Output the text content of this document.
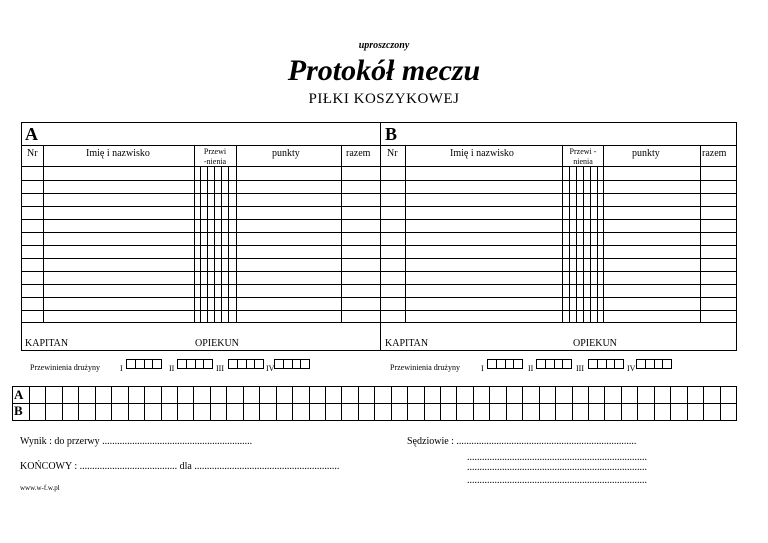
uproszczony
Protokół meczu
PIŁKI KOSZYKOWEJ
A
Nr	Imię i nazwisko	Przewi
-nienia
punkty	razem
KAPITAN	OPIEKUN
Przewinienia drużyny
B
Nr	Imię i nazwisko	Przewi -
nienia
punkty	razem
KAPITAN	OPIEKUN
Przewinienia drużyny
I	II	III	IV	I	II	III	IV
A
B
Wynik : do przerwy ............................................................
KOŃCOWY : ....................................... dla ..........................................................
Sędziowie : ........................................................................
........................................................................
........................................................................
........................................................................
www.w-f.w.pl
